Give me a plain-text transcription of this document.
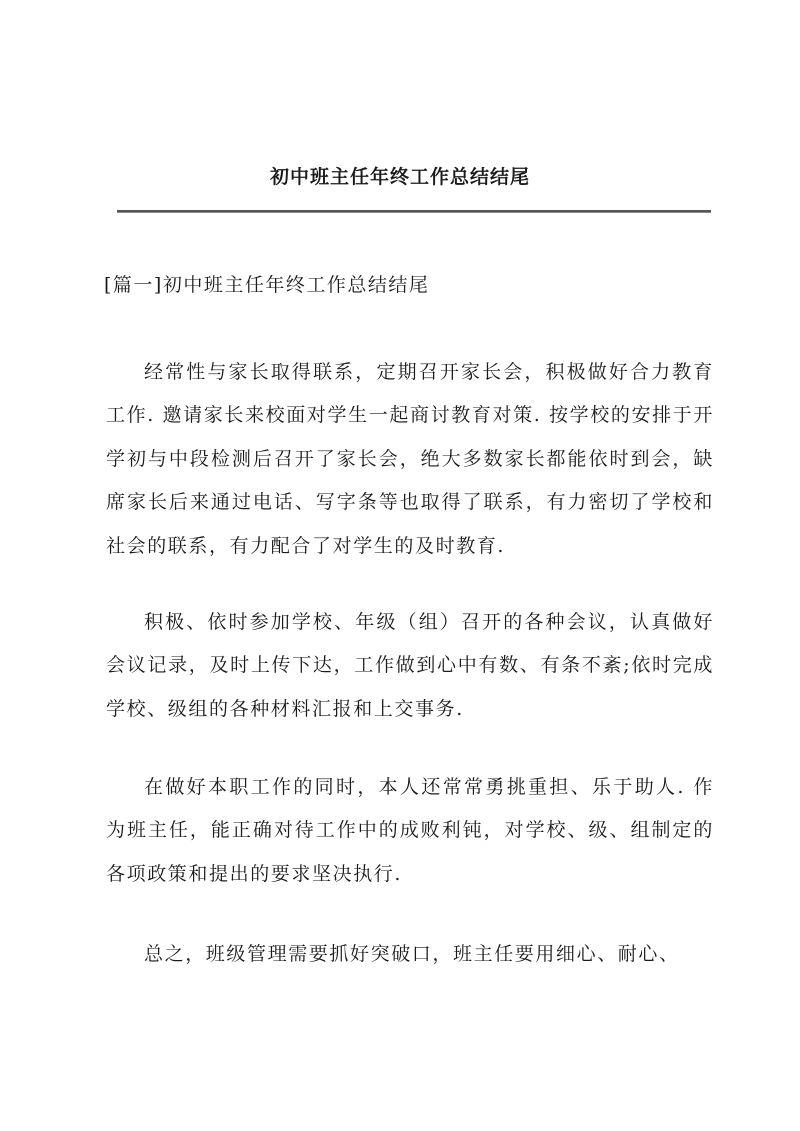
初中班主任年终工作总结结尾
[篇一]初中班主任年终工作总结结尾

经常性与家长取得联系，定期召开家长会，积极做好合力教育工作. 邀请家长来校面对学生一起商讨教育对策. 按学校的安排于开学初与中段检测后召开了家长会，绝大多数家长都能依时到会，缺席家长后来通过电话、写字条等也取得了联系，有力密切了学校和社会的联系，有力配合了对学生的及时教育.

积极、依时参加学校、年级（组）召开的各种会议，认真做好会议记录，及时上传下达，工作做到心中有数、有条不紊;依时完成学校、级组的各种材料汇报和上交事务.

在做好本职工作的同时，本人还常常勇挑重担、乐于助人. 作为班主任，能正确对待工作中的成败利钝，对学校、级、组制定的各项政策和提出的要求坚决执行.

总之，班级管理需要抓好突破口，班主任要用细心、耐心、
